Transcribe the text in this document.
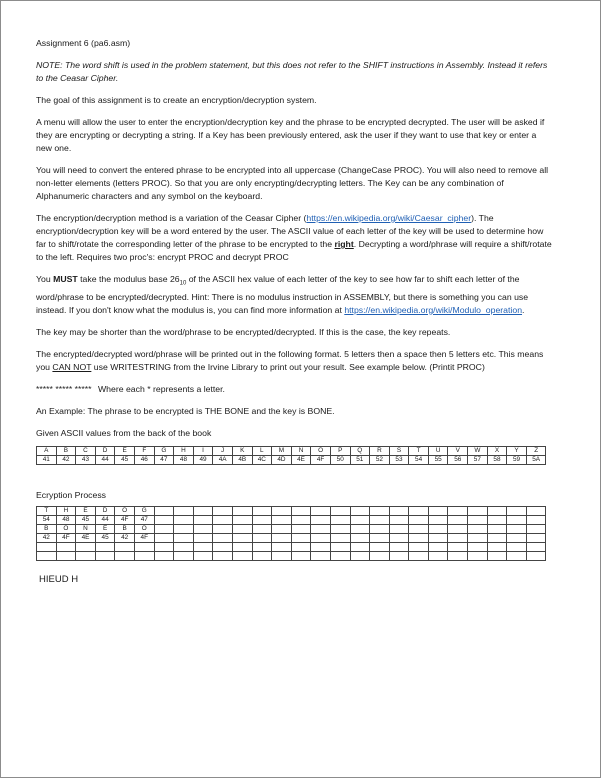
Assignment 6 (pa6.asm)

NOTE: The word shift is used in the problem statement, but this does not refer to the SHIFT instructions in Assembly. Instead it refers to the Ceasar Cipher.

The goal of this assignment is to create an encryption/decryption system.

A menu will allow the user to enter the encryption/decryption key and the phrase to be encrypted decrypted. The user will be asked if they are encrypting or decrypting a string. If a Key has been previously entered, ask the user if they want to use that key or enter a new one.

You will need to convert the entered phrase to be encrypted into all uppercase (ChangeCase PROC). You will also need to remove all non-letter elements (letters PROC). So that you are only encrypting/decrypting letters. The Key can be any combination of Alphanumeric characters and any symbol on the keyboard.

The encryption/decryption method is a variation of the Ceasar Cipher (https://en.wikipedia.org/wiki/Caesar_cipher). The encryption/decryption key will be a word entered by the user. The ASCII value of each letter of the key will be used to determine how far to shift/rotate the corresponding letter of the phrase to be encrypted to the right. Decrypting a word/phrase will require a shift/rotate to the left. Requires two proc's: encrypt PROC and decrypt PROC

You MUST take the modulus base $26_{10}$ of the ASCII hex value of each letter of the key to see how far to shift each letter of the word/phrase to be encrypted/decrypted. Hint: There is no modulus instruction in ASSEMBLY, but there is something you can use instead. If you don't know what the modulus is, you can find more information at https://en.wikipedia.org/wiki/Modulo_operation.

The key may be shorter than the word/phrase to be encrypted/decrypted. If this is the case, the key repeats.

The encrypted/decrypted word/phrase will be printed out in the following format. 5 letters then a space then 5 letters etc. This means you CAN NOT use WRITESTRING from the Irvine Library to print out your result. See example below. (Printit PROC)

***** ***** ***** Where each * represents a letter.

An Example: The phrase to be encrypted is THE BONE and the key is BONE.

Given ASCII values from the back of the book

A	B	C	D	E	F	G	H	I	J	K	L	M	N	O	P	Q	R	S	T	U	V	W	X	Y	Z
41	42	43	44	45	46	47	48	49	4A	4B	4C	4D	4E	4F	50	51	52	53	54	55	56	57	58	59	5A

Ecryption Process

T	H	E	D	O	G																				
54	48	45	44	4F	47																				
B	O	N	E	B	O																				
42	4F	4E	45	42	4F																				

HIEUD H
